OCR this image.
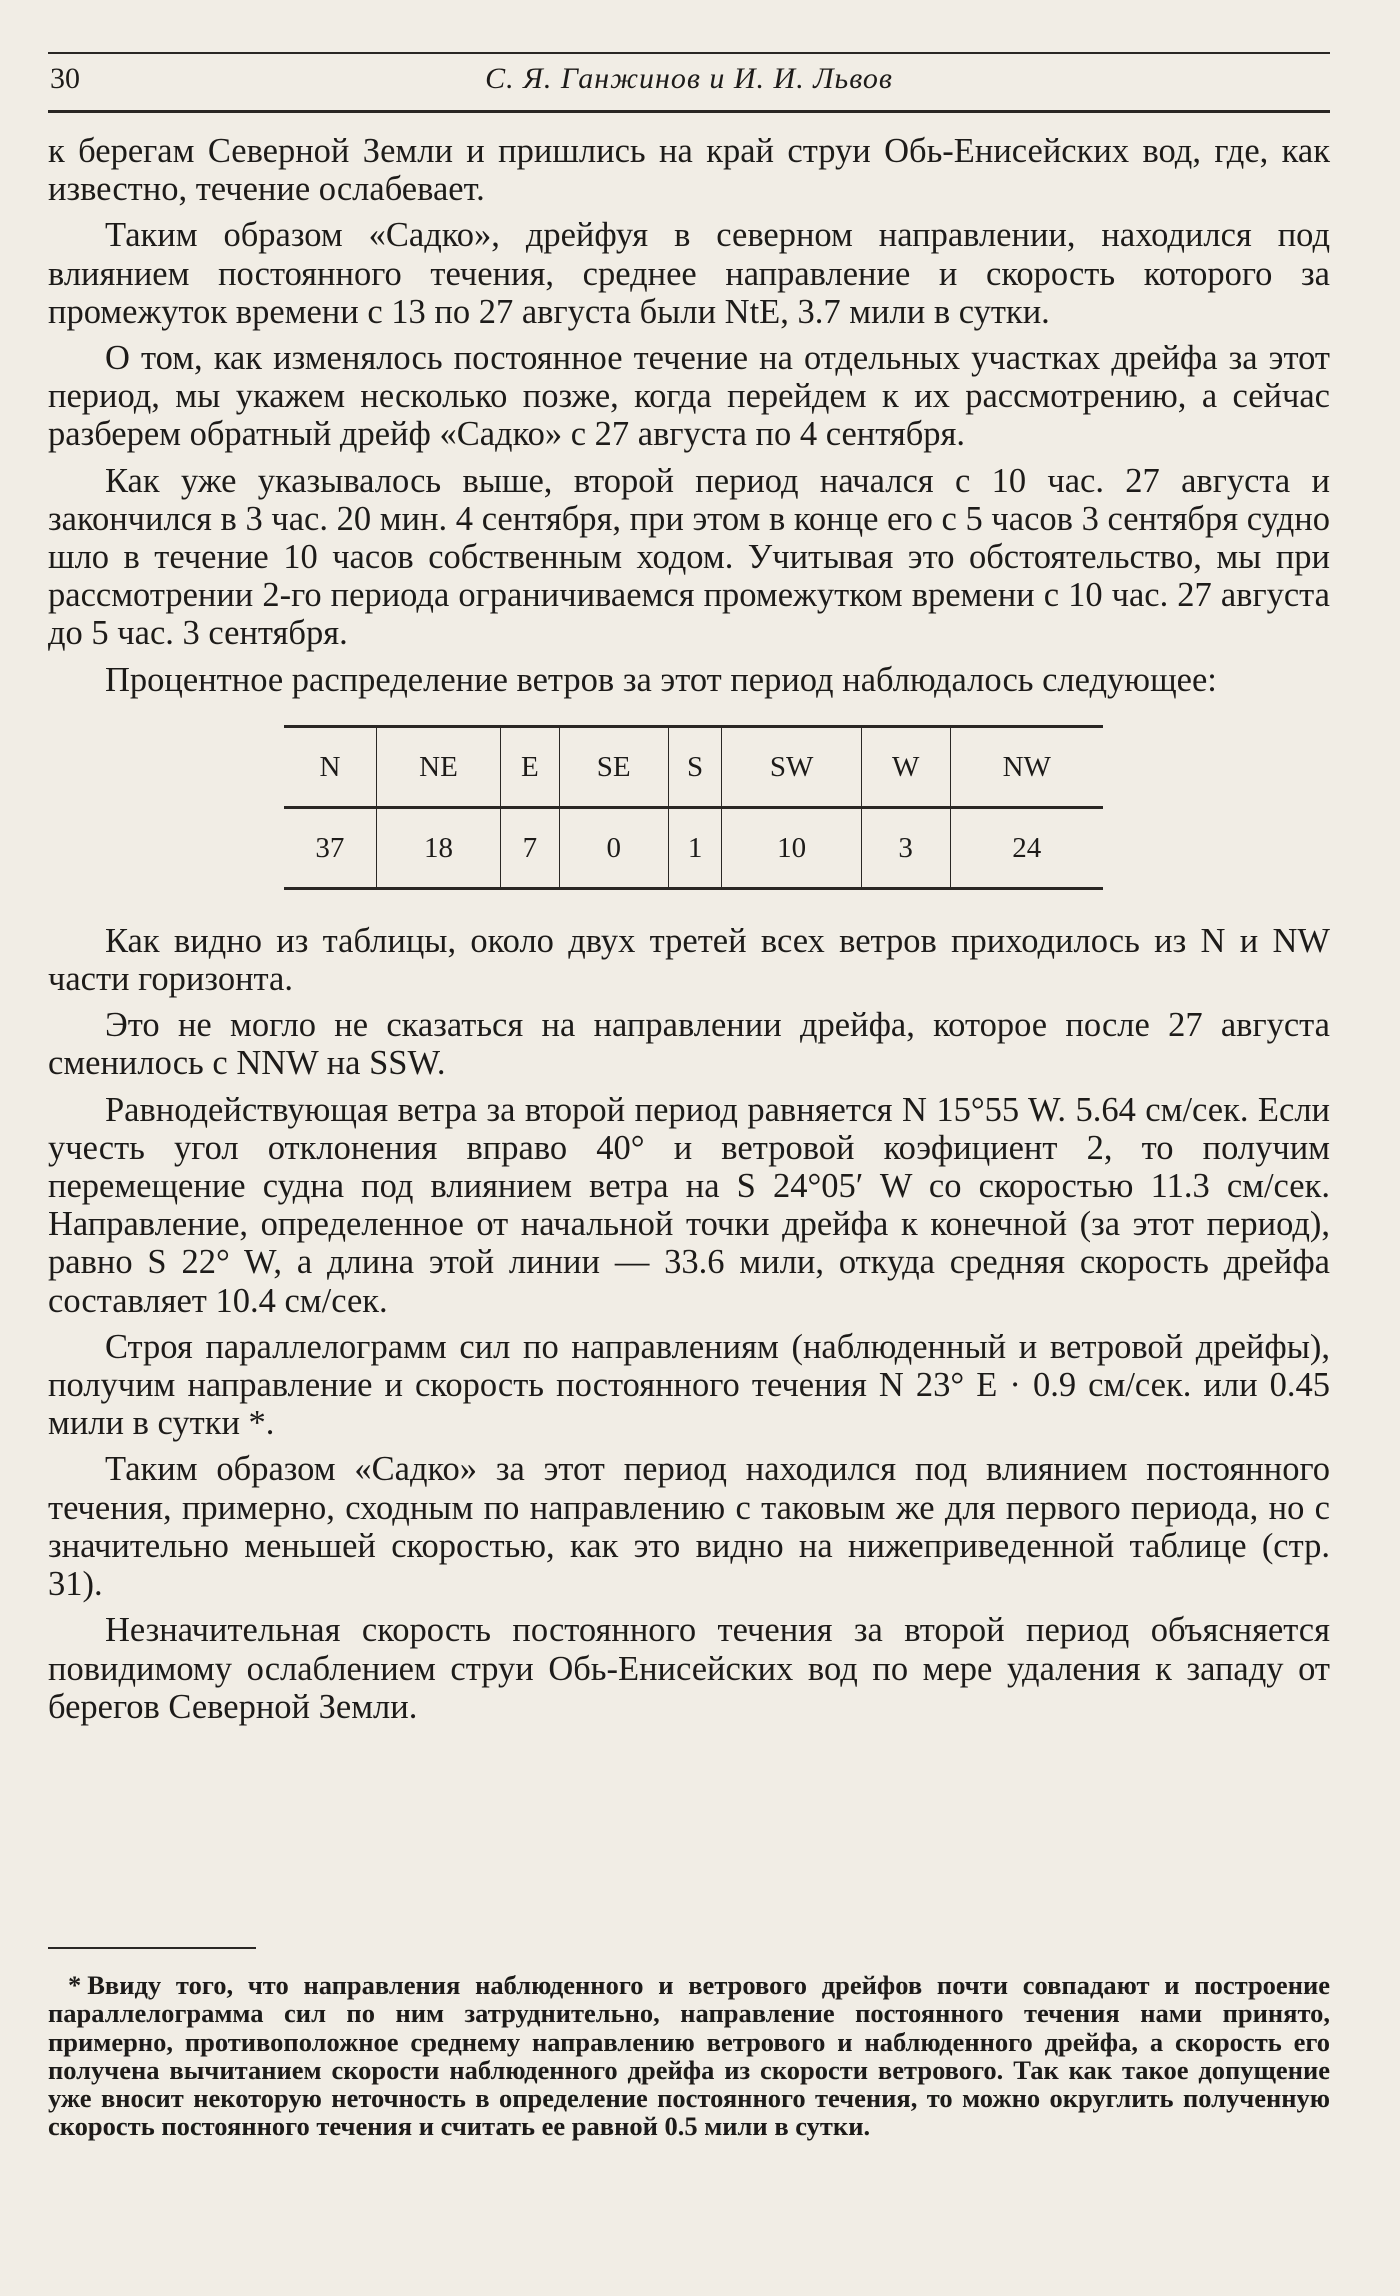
30	С. Я. Ганжинов и И. И. Львов

к берегам Северной Земли и пришлись на край струи Обь-Енисейских вод, где, как известно, течение ослабевает.

Таким образом «Садко», дрейфуя в северном направлении, находился под влиянием постоянного течения, среднее направление и скорость которого за промежуток времени с 13 по 27 августа были NtE, 3.7 мили в сутки.

О том, как изменялось постоянное течение на отдельных участках дрейфа за этот период, мы укажем несколько позже, когда перейдем к их рассмотрению, а сейчас разберем обратный дрейф «Садко» с 27 августа по 4 сентября.

Как уже указывалось выше, второй период начался с 10 час. 27 августа и закончился в 3 час. 20 мин. 4 сентября, при этом в конце его с 5 часов 3 сентября судно шло в течение 10 часов собственным ходом. Учитывая это обстоятельство, мы при рассмотрении 2-го периода ограничиваемся промежутком времени с 10 час. 27 августа до 5 час. 3 сентября.

Процентное распределение ветров за этот период наблюдалось следующее:

N	NE	E	SE	S	SW	W	NW
37	18	7	0	1	10	3	24

Как видно из таблицы, около двух третей всех ветров приходилось из N и NW части горизонта.

Это не могло не сказаться на направлении дрейфа, которое после 27 августа сменилось с NNW на SSW.

Равнодействующая ветра за второй период равняется N 15°55 W. 5.64 см/сек. Если учесть угол отклонения вправо 40° и ветровой коэфициент 2, то получим перемещение судна под влиянием ветра на S 24°05′ W со скоростью 11.3 см/сек. Направление, определенное от начальной точки дрейфа к конечной (за этот период), равно S 22° W, а длина этой линии — 33.6 мили, откуда средняя скорость дрейфа составляет 10.4 см/сек.

Строя параллелограмм сил по направлениям (наблюденный и ветровой дрейфы), получим направление и скорость постоянного течения N 23° E · 0.9 см/сек. или 0.45 мили в сутки *.

Таким образом «Садко» за этот период находился под влиянием постоянного течения, примерно, сходным по направлению с таковым же для первого периода, но с значительно меньшей скоростью, как это видно на нижеприведенной таблице (стр. 31).

Незначительная скорость постоянного течения за второй период объясняется повидимому ослаблением струи Обь-Енисейских вод по мере удаления к западу от берегов Северной Земли.

* Ввиду того, что направления наблюденного и ветрового дрейфов почти совпадают и построение параллелограмма сил по ним затруднительно, направление постоянного течения нами принято, примерно, противоположное среднему направлению ветрового и наблюденного дрейфа, а скорость его получена вычитанием скорости наблюденного дрейфа из скорости ветрового. Так как такое допущение уже вносит некоторую неточность в определение постоянного течения, то можно округлить полученную скорость постоянного течения и считать ее равной 0.5 мили в сутки.
